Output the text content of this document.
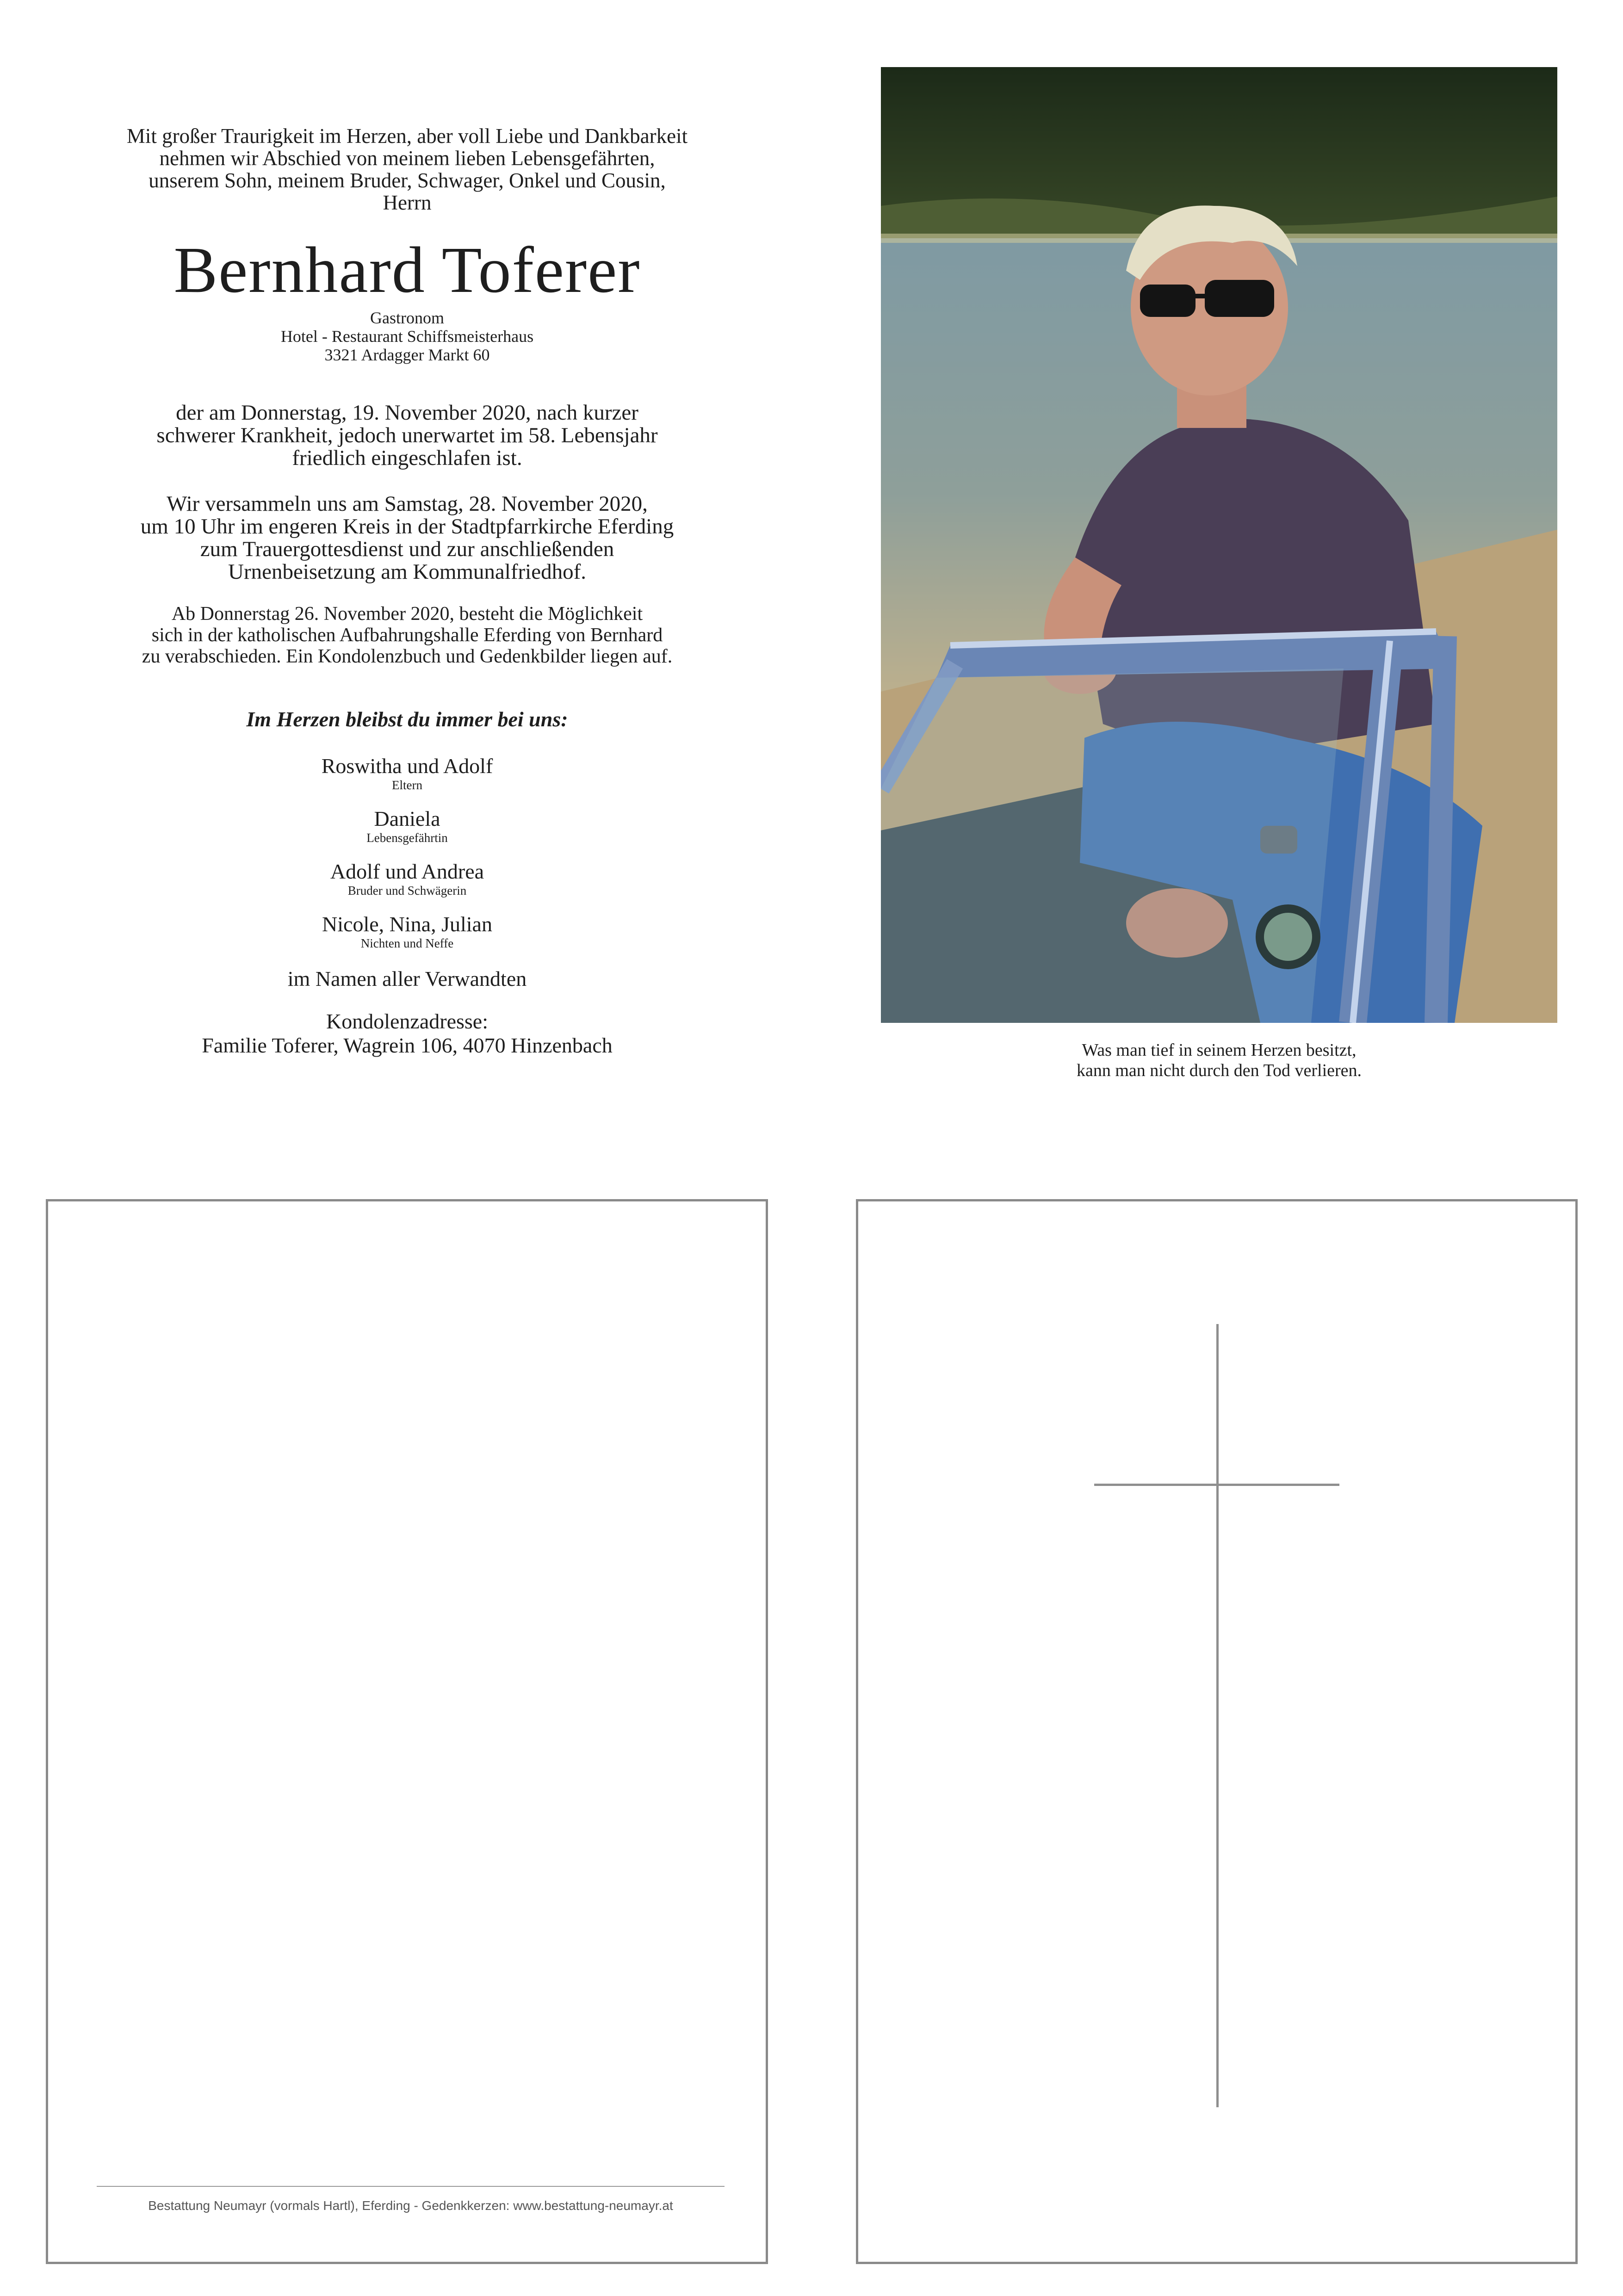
Mit großer Traurigkeit im Herzen, aber voll Liebe und Dankbarkeit
nehmen wir Abschied von meinem lieben Lebensgefährten,
unserem Sohn, meinem Bruder, Schwager, Onkel und Cousin,
Herrn
Bernhard Toferer
Gastronom
Hotel - Restaurant Schiffsmeisterhaus
3321 Ardagger Markt 60
der am Donnerstag, 19. November 2020, nach kurzer
schwerer Krankheit, jedoch unerwartet im 58. Lebensjahr
friedlich eingeschlafen ist.
Wir versammeln uns am Samstag, 28. November 2020,
um 10 Uhr im engeren Kreis in der Stadtpfarrkirche Eferding
zum Trauergottesdienst und zur anschließenden
Urnenbeisetzung am Kommunalfriedhof.
Ab Donnerstag 26. November 2020, besteht die Möglichkeit
sich in der katholischen Aufbahrungshalle Eferding von Bernhard
zu verabschieden. Ein Kondolenzbuch und Gedenkbilder liegen auf.
Im Herzen bleibst du immer bei uns:
Roswitha und Adolf
Eltern
Daniela
Lebensgefährtin
Adolf und Andrea
Bruder und Schwägerin
Nicole, Nina, Julian
Nichten und Neffe
im Namen aller Verwandten
Kondolenzadresse:
Familie Toferer, Wagrein 106, 4070 Hinzenbach	Was man tief in seinem Herzen besitzt,
kann man nicht durch den Tod verlieren.
Bestattung Neumayr (vormals Hartl), Eferding - Gedenkkerzen: www.bestattung-neumayr.at
